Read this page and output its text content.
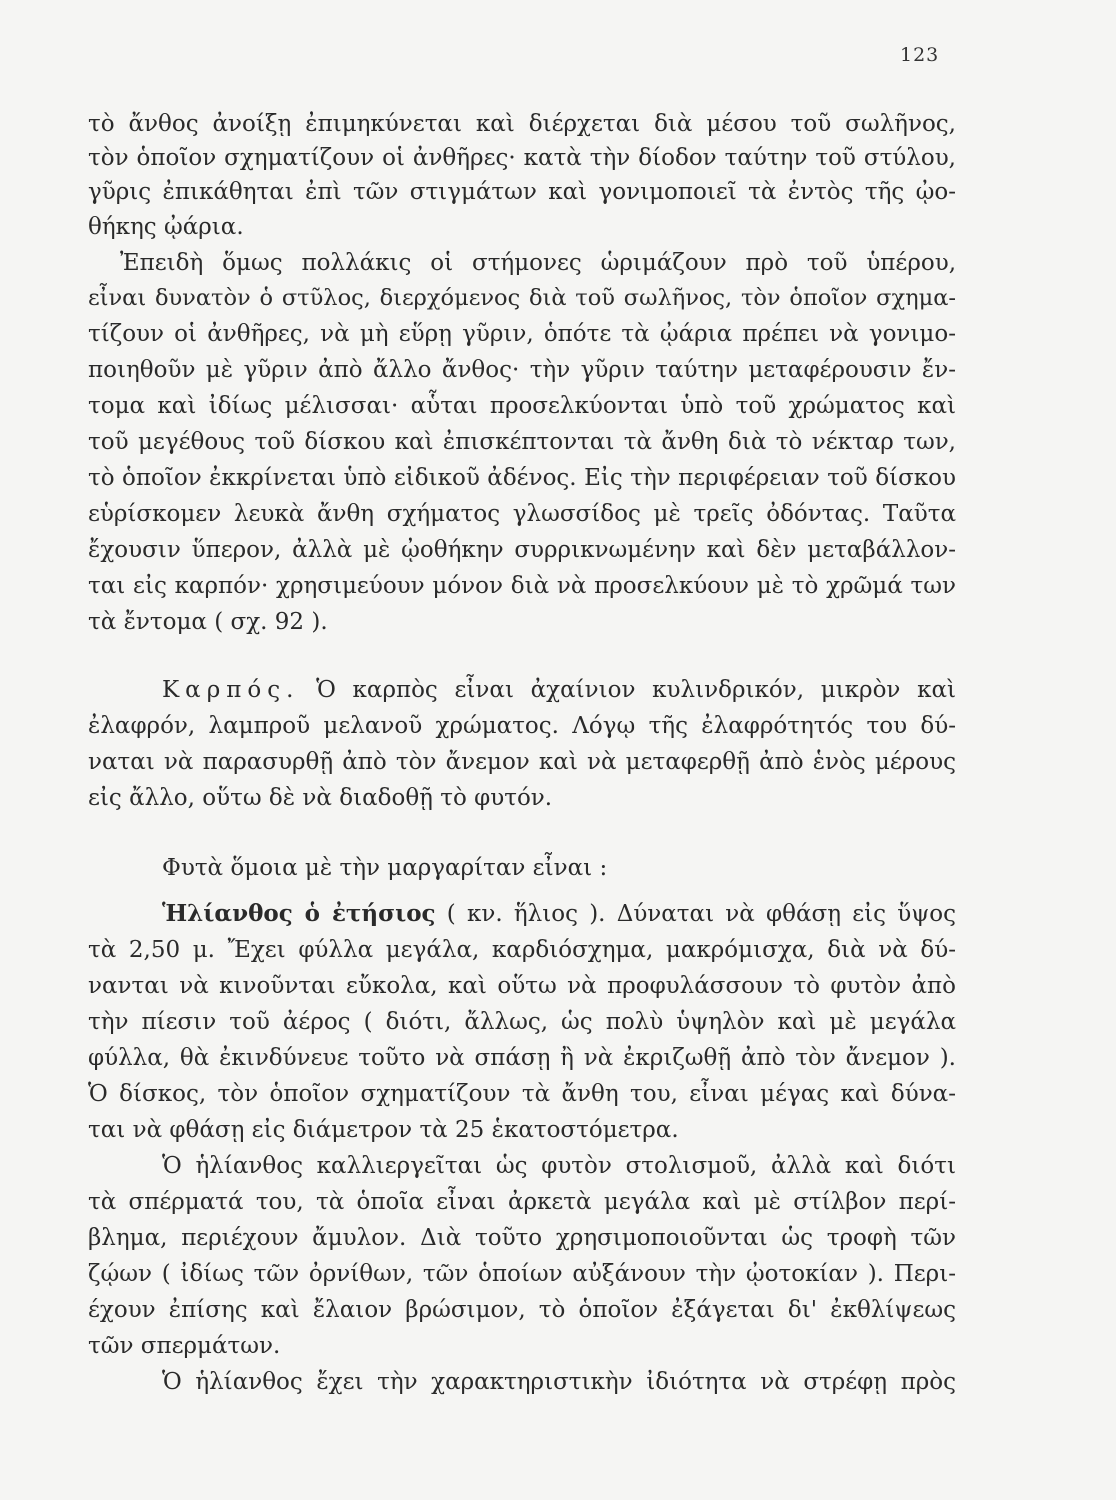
123
τὸ ἄνθος ἀνοίξῃ ἐπιμηκύνεται καὶ διέρχεται διὰ μέσου τοῦ σωλῆνος,
τὸν ὁποῖον σχηματίζουν οἱ ἀνθῆρες· κατὰ τὴν δίοδον ταύτην τοῦ στύλου,
γῦρις ἐπικάθηται ἐπὶ τῶν στιγμάτων καὶ γονιμοποιεῖ τὰ ἐντὸς τῆς ᾠο-
θήκης ᾠάρια.
Ἐπειδὴ ὅμως πολλάκις οἱ στήμονες ὡριμάζουν πρὸ τοῦ ὑπέρου,
εἶναι δυνατὸν ὁ στῦλος, διερχόμενος διὰ τοῦ σωλῆνος, τὸν ὁποῖον σχημα-
τίζουν οἱ ἀνθῆρες, νὰ μὴ εὕρῃ γῦριν, ὁπότε τὰ ᾠάρια πρέπει νὰ γονιμο-
ποιηθοῦν μὲ γῦριν ἀπὸ ἄλλο ἄνθος· τὴν γῦριν ταύτην μεταφέρουσιν ἔν-
τομα καὶ ἰδίως μέλισσαι· αὗται προσελκύονται ὑπὸ τοῦ χρώματος καὶ
τοῦ μεγέθους τοῦ δίσκου καὶ ἐπισκέπτονται τὰ ἄνθη διὰ τὸ νέκταρ των,
τὸ ὁποῖον ἐκκρίνεται ὑπὸ εἰδικοῦ ἀδένος. Εἰς τὴν περιφέρειαν τοῦ δίσκου
εὑρίσκομεν λευκὰ ἄνθη σχήματος γλωσσίδος μὲ τρεῖς ὀδόντας. Ταῦτα
ἔχουσιν ὕπερον, ἀλλὰ μὲ ᾠοθήκην συρρικνωμένην καὶ δὲν μεταβάλλον-
ται εἰς καρπόν· χρησιμεύουν μόνον διὰ νὰ προσελκύουν μὲ τὸ χρῶμά των
τὰ ἔντομα ( σχ. 92 ).
Καρπός. Ὁ καρπὸς εἶναι ἀχαίνιον κυλινδρικόν, μικρὸν καὶ
ἐλαφρόν, λαμπροῦ μελανοῦ χρώματος. Λόγῳ τῆς ἐλαφρότητός του δύ-
ναται νὰ παρασυρθῇ ἀπὸ τὸν ἄνεμον καὶ νὰ μεταφερθῇ ἀπὸ ἑνὸς μέρους
εἰς ἄλλο, οὕτω δὲ νὰ διαδοθῇ τὸ φυτόν.
Φυτὰ ὅμοια μὲ τὴν μαργαρίταν εἶναι :
Ἡλίανθος ὁ ἐτήσιος ( κν. ἥλιος ). Δύναται νὰ φθάσῃ εἰς ὕψος
τὰ 2,50 μ. Ἔχει φύλλα μεγάλα, καρδιόσχημα, μακρόμισχα, διὰ νὰ δύ-
νανται νὰ κινοῦνται εὔκολα, καὶ οὕτω νὰ προφυλάσσουν τὸ φυτὸν ἀπὸ
τὴν πίεσιν τοῦ ἀέρος ( διότι, ἄλλως, ὡς πολὺ ὑψηλὸν καὶ μὲ μεγάλα
φύλλα, θὰ ἐκινδύνευε τοῦτο νὰ σπάσῃ ἢ νὰ ἐκριζωθῇ ἀπὸ τὸν ἄνεμον ).
Ὁ δίσκος, τὸν ὁποῖον σχηματίζουν τὰ ἄνθη του, εἶναι μέγας καὶ δύνα-
ται νὰ φθάσῃ εἰς διάμετρον τὰ 25 ἑκατοστόμετρα.
Ὁ ἡλίανθος καλλιεργεῖται ὡς φυτὸν στολισμοῦ, ἀλλὰ καὶ διότι
τὰ σπέρματά του, τὰ ὁποῖα εἶναι ἀρκετὰ μεγάλα καὶ μὲ στίλβον περί-
βλημα, περιέχουν ἄμυλον. Διὰ τοῦτο χρησιμοποιοῦνται ὡς τροφὴ τῶν
ζῴων ( ἰδίως τῶν ὀρνίθων, τῶν ὁποίων αὐξάνουν τὴν ᾠοτοκίαν ). Περι-
έχουν ἐπίσης καὶ ἔλαιον βρώσιμον, τὸ ὁποῖον ἐξάγεται δι' ἐκθλίψεως
τῶν σπερμάτων.
Ὁ ἡλίανθος ἔχει τὴν χαρακτηριστικὴν ἰδιότητα νὰ στρέφῃ πρὸς
